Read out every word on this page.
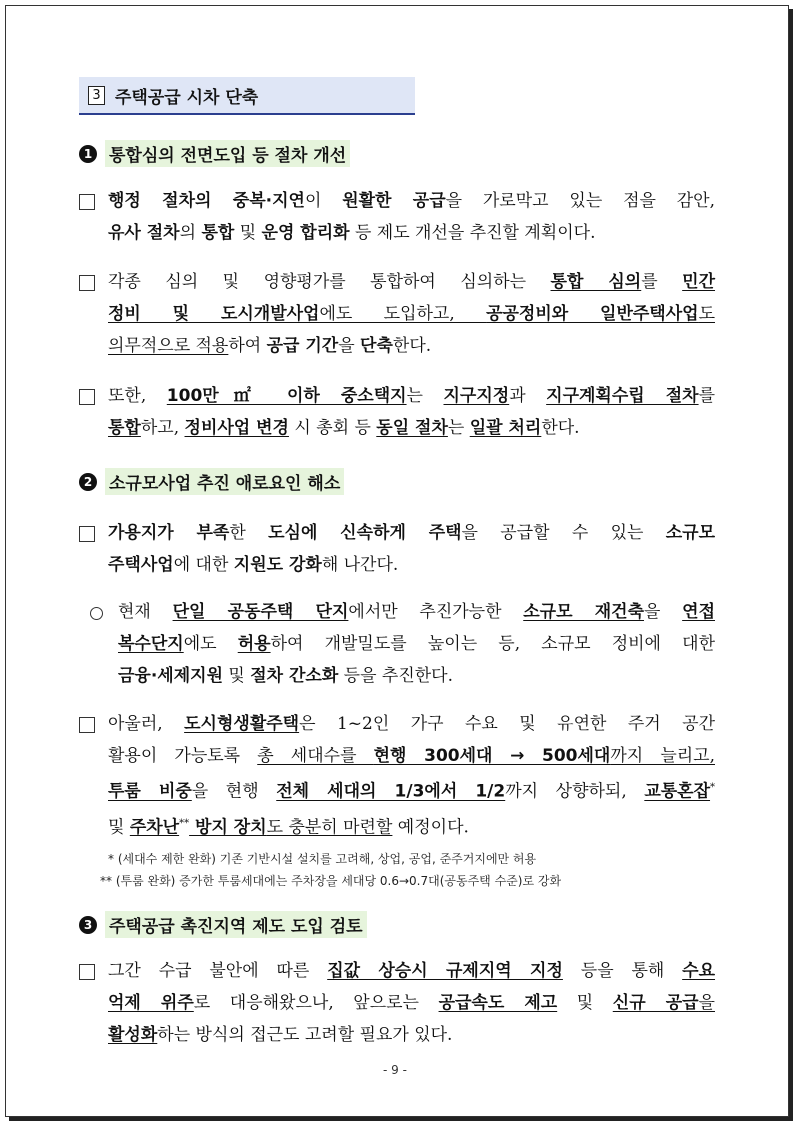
3 주택공급 시차 단축
1 통합심의 전면도입 등 절차 개선
행정 절차의 중복·지연이 원활한 공급을 가로막고 있는 점을 감안,
유사 절차의 통합 및 운영 합리화 등 제도 개선을 추진할 계획이다.
각종 심의 및 영향평가를 통합하여 심의하는 통합 심의를 민간
정비 및 도시개발사업에도 도입하고, 공공정비와 일반주택사업도
의무적으로 적용하여 공급 기간을 단축한다.
또한, 100만㎡ 이하 중소택지는 지구지정과 지구계획수립 절차를
통합하고, 정비사업 변경 시 총회 등 동일 절차는 일괄 처리한다.
2 소규모사업 추진 애로요인 해소
가용지가 부족한 도심에 신속하게 주택을 공급할 수 있는 소규모
주택사업에 대한 지원도 강화해 나간다.
현재 단일 공동주택 단지에서만 추진가능한 소규모 재건축을 연접
복수단지에도 허용하여 개발밀도를 높이는 등, 소규모 정비에 대한
금융·세제지원 및 절차 간소화 등을 추진한다.
아울러, 도시형생활주택은 1~2인 가구 수요 및 유연한 주거 공간
활용이 가능토록 총 세대수를 현행 300세대 → 500세대까지 늘리고,
투룸 비중을 현행 전체 세대의 1/3에서 1/2까지 상향하되, 교통혼잡*
및 주차난** 방지 장치도 충분히 마련할 예정이다.
* (세대수 제한 완화) 기존 기반시설 설치를 고려해, 상업, 공업, 준주거지에만 허용
** (투룸 완화) 증가한 투룸세대에는 주차장을 세대당 0.6→0.7대(공동주택 수준)로 강화
3 주택공급 촉진지역 제도 도입 검토
그간 수급 불안에 따른 집값 상승시 규제지역 지정 등을 통해 수요
억제 위주로 대응해왔으나, 앞으로는 공급속도 제고 및 신규 공급을
활성화하는 방식의 접근도 고려할 필요가 있다.
- 9 -
